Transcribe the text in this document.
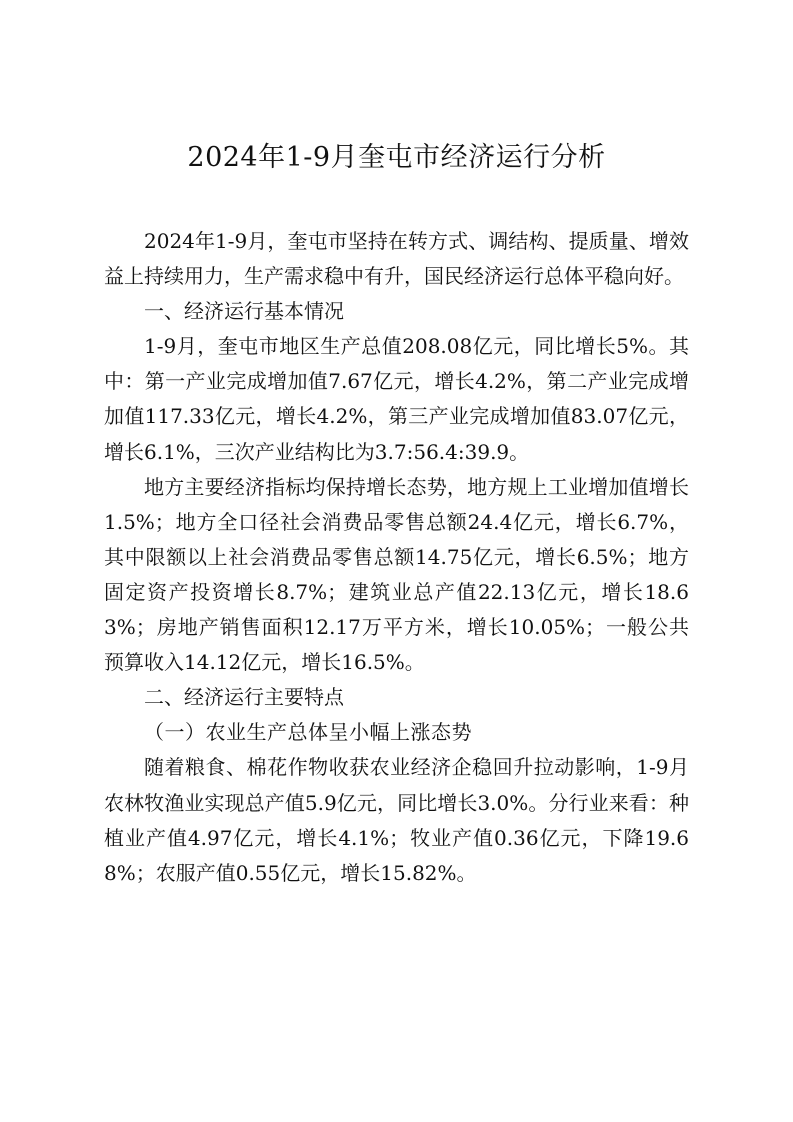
2024年1-9月奎屯市经济运行分析

2024年1-9月，奎屯市坚持在转方式、调结构、提质量、增效益上持续用力，生产需求稳中有升，国民经济运行总体平稳向好。

一、经济运行基本情况

1-9月，奎屯市地区生产总值208.08亿元，同比增长5%。其中：第一产业完成增加值7.67亿元，增长4.2%，第二产业完成增加值117.33亿元，增长4.2%，第三产业完成增加值83.07亿元，增长6.1%，三次产业结构比为3.7:56.4:39.9。

地方主要经济指标均保持增长态势，地方规上工业增加值增长1.5%；地方全口径社会消费品零售总额24.4亿元，增长6.7%，其中限额以上社会消费品零售总额14.75亿元，增长6.5%；地方固定资产投资增长8.7%；建筑业总产值22.13亿元，增长18.63%；房地产销售面积12.17万平方米，增长10.05%；一般公共预算收入14.12亿元，增长16.5%。

二、经济运行主要特点

（一）农业生产总体呈小幅上涨态势

随着粮食、棉花作物收获农业经济企稳回升拉动影响，1-9月农林牧渔业实现总产值5.9亿元，同比增长3.0%。分行业来看：种植业产值4.97亿元，增长4.1%；牧业产值0.36亿元，下降19.68%；农服产值0.55亿元，增长15.82%。
